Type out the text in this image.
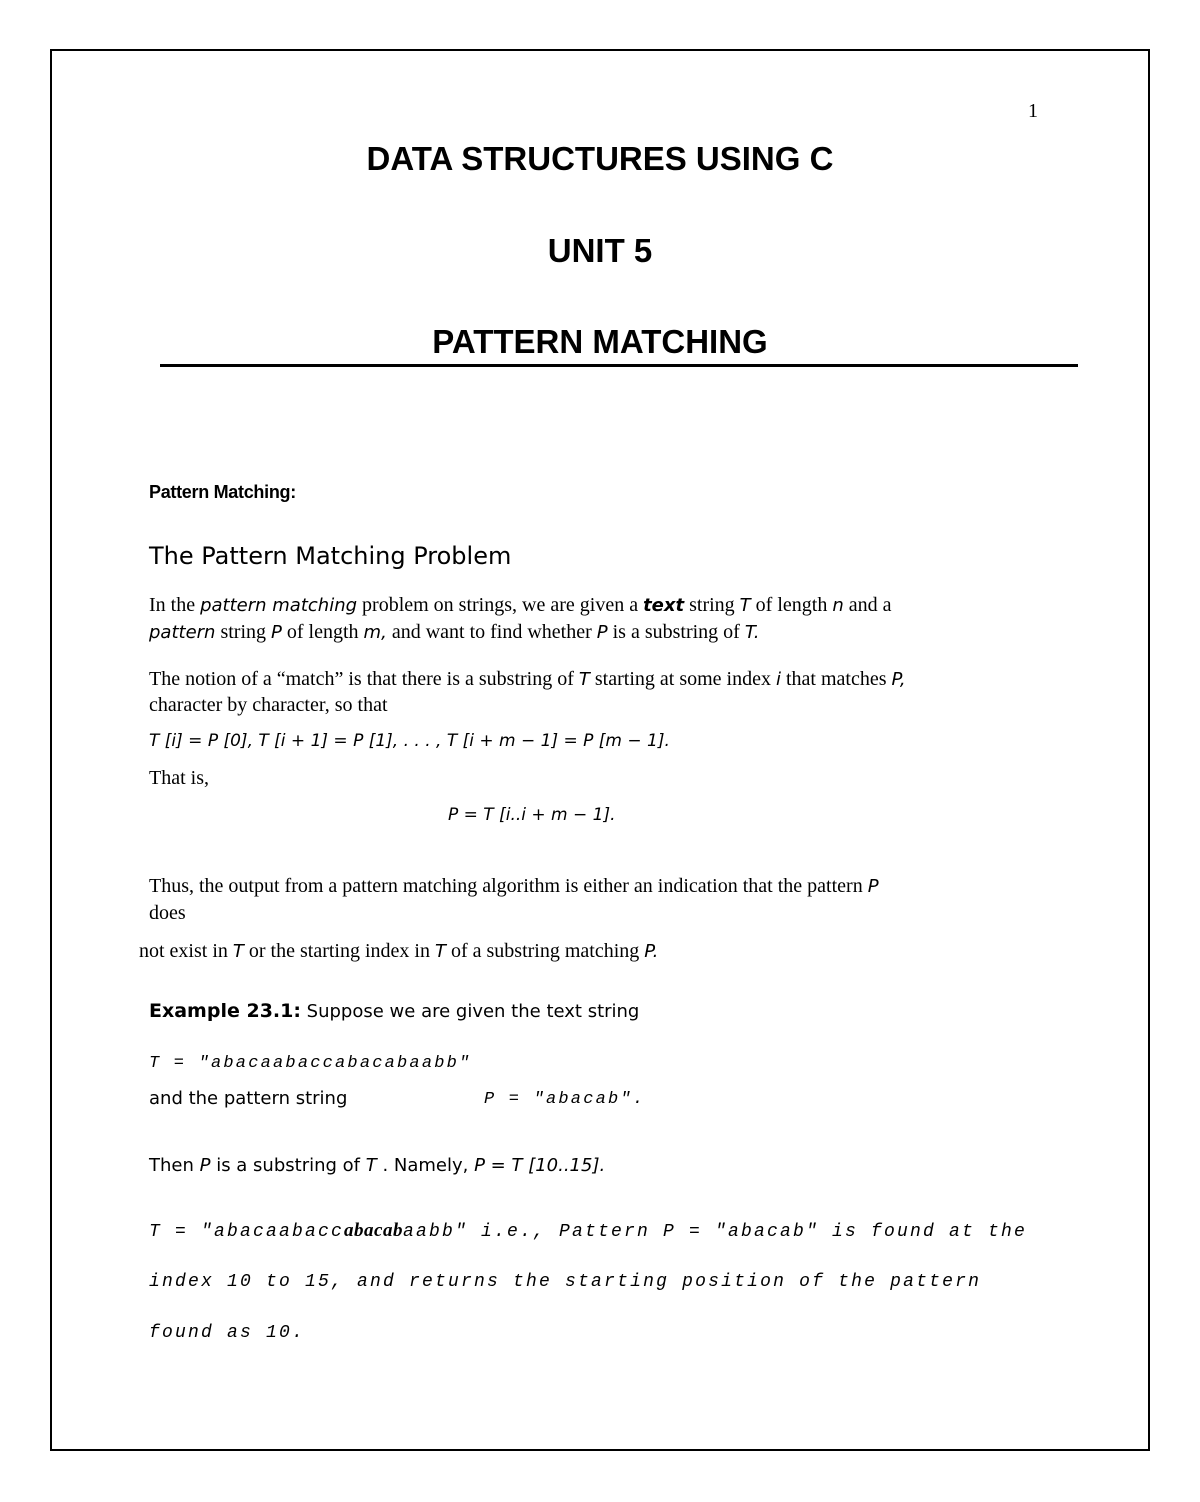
1
DATA STRUCTURES USING C
UNIT 5
PATTERN MATCHING
Pattern Matching:
The Pattern Matching Problem
In the pattern matching problem on strings, we are given a text string T of length n and a
pattern string P of length m, and want to find whether P is a substring of T.
The notion of a “match” is that there is a substring of T starting at some index i that matches P,
character by character, so that
T [i] = P [0], T [i + 1] = P [1], . . . , T [i + m − 1] = P [m − 1].
That is,
P = T [i..i + m − 1].
Thus, the output from a pattern matching algorithm is either an indication that the pattern P
does
not exist in T or the starting index in T of a substring matching P.
Example 23.1: Suppose we are given the text string
T = "abacaabaccabacabaabb"
and the pattern string	P = "abacab".
Then P is a substring of T . Namely, P = T [10..15].
T = "abacaabaccabacabaabb" i.e., Pattern P = "abacab" is found at the
index 10 to 15, and returns the starting position of the pattern
found as 10.
